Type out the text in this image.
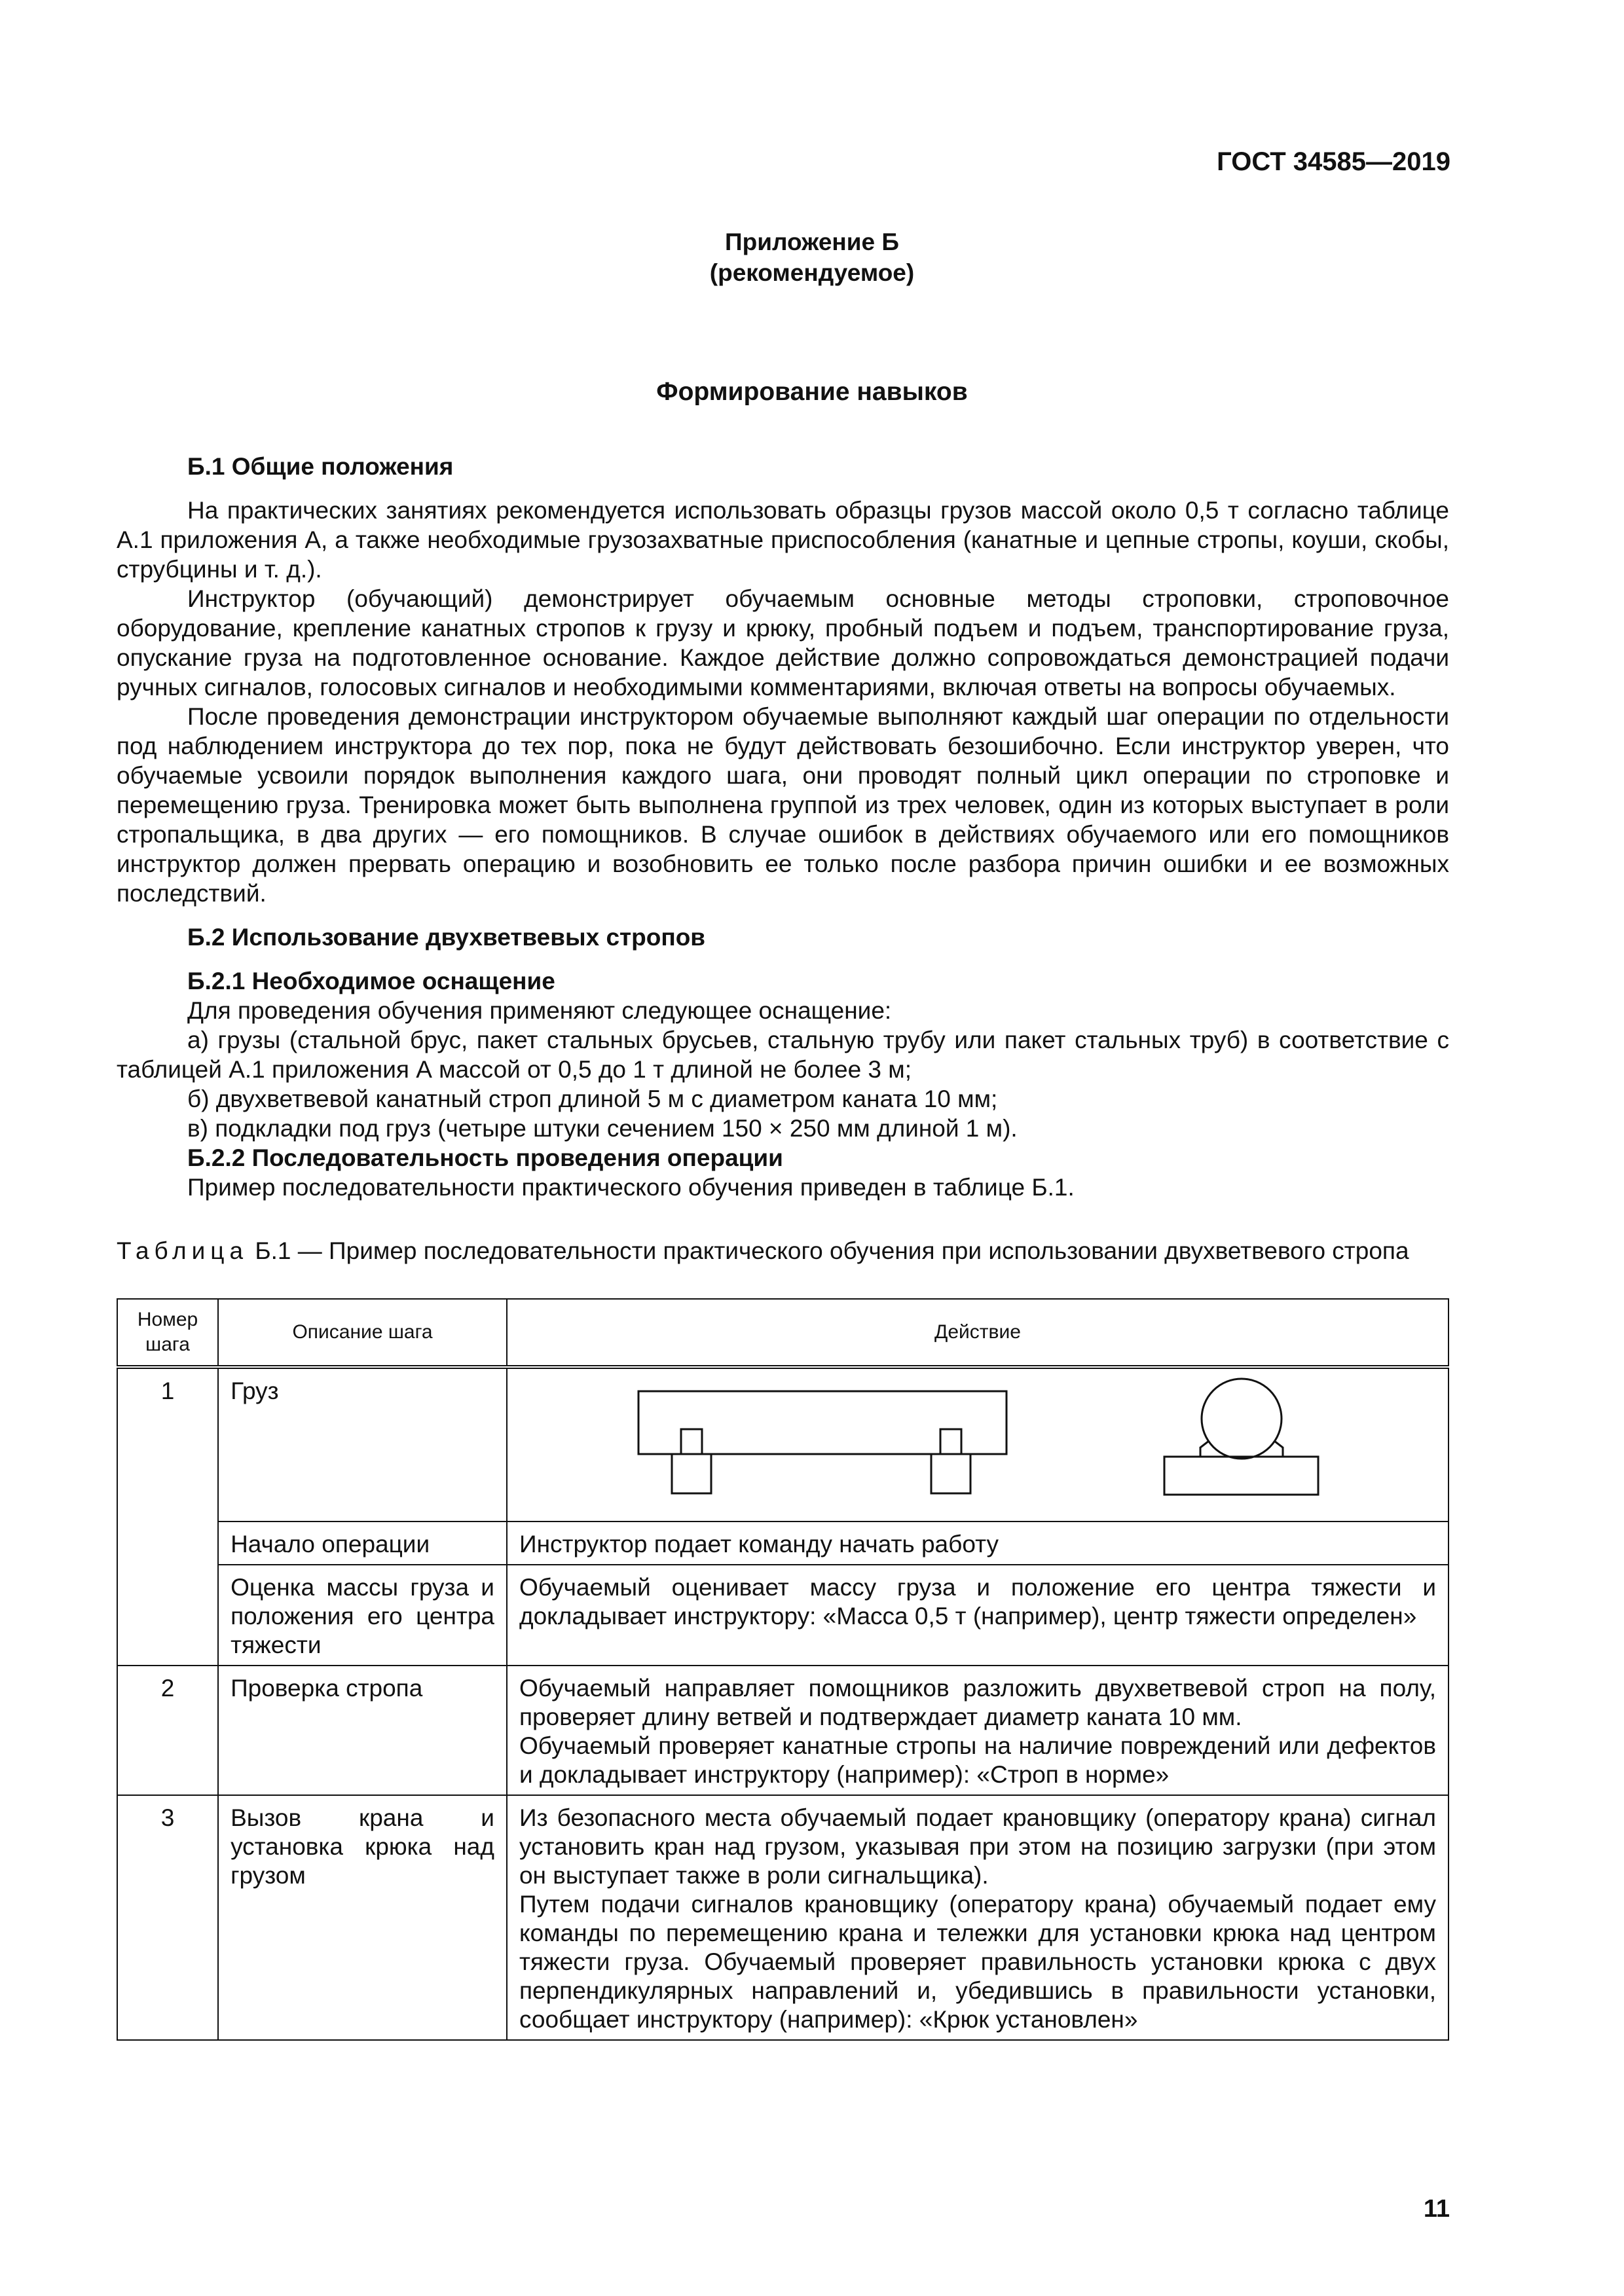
ГОСТ 34585—2019
Приложение Б
(рекомендуемое)
Формирование навыков

Б.1 Общие положения

На практических занятиях рекомендуется использовать образцы грузов массой около 0,5 т согласно таблице А.1 приложения А, а также необходимые грузозахватные приспособления (канатные и цепные стропы, коуши, скобы, струбцины и т. д.).

Инструктор (обучающий) демонстрирует обучаемым основные методы строповки, строповочное оборудование, крепление канатных стропов к грузу и крюку, пробный подъем и подъем, транспортирование груза, опускание груза на подготовленное основание. Каждое действие должно сопровождаться демонстрацией подачи ручных сигналов, голосовых сигналов и необходимыми комментариями, включая ответы на вопросы обучаемых.

После проведения демонстрации инструктором обучаемые выполняют каждый шаг операции по отдельности под наблюдением инструктора до тех пор, пока не будут действовать безошибочно. Если инструктор уверен, что обучаемые усвоили порядок выполнения каждого шага, они проводят полный цикл операции по строповке и перемещению груза. Тренировка может быть выполнена группой из трех человек, один из которых выступает в роли стропальщика, в два других — его помощников. В случае ошибок в действиях обучаемого или его помощников инструктор должен прервать операцию и возобновить ее только после разбора причин ошибки и ее возможных последствий.

Б.2 Использование двухветвевых стропов

Б.2.1 Необходимое оснащение

Для проведения обучения применяют следующее оснащение:

а) грузы (стальной брус, пакет стальных брусьев, стальную трубу или пакет стальных труб) в соответствие с таблицей А.1 приложения А массой от 0,5 до 1 т длиной не более 3 м;

б) двухветвевой канатный строп длиной 5 м с диаметром каната 10 мм;

в) подкладки под груз (четыре штуки сечением 150 × 250 мм длиной 1 м).

Б.2.2 Последовательность проведения операции

Пример последовательности практического обучения приведен в таблице Б.1.

Таблица Б.1 — Пример последовательности практического обучения при использовании двухветвевого стропа
Номер шага	Описание шага	Действие
1	Груз	

	Начало операции	Инструктор подает команду начать работу
	Оценка массы груза и положения его центра тяжести	Обучаемый оценивает массу груза и положение его центра тяжести и докладывает инструктору: «Масса 0,5 т (например), центр тяжести определен»
2	Проверка стропа	Обучаемый направляет помощников разложить двухветвевой строп на полу, проверяет длину ветвей и подтверждает диаметр каната 10 мм.
Обучаемый проверяет канатные стропы на наличие повреждений или дефектов и докладывает инструктору (например): «Строп в норме»

3	Вызов крана и установка крюка над грузом	Из безопасного места обучаемый подает крановщику (оператору крана) сигнал установить кран над грузом, указывая при этом на позицию загрузки (при этом он выступает также в роли сигнальщика).
Путем подачи сигналов крановщику (оператору крана) обучаемый подает ему команды по перемещению крана и тележки для установки крюка над центром тяжести груза. Обучаемый проверяет правильность установки крюка с двух перпендикулярных направлений и, убедившись в правильности установки, сообщает инструктору (например): «Крюк установлен»
11
